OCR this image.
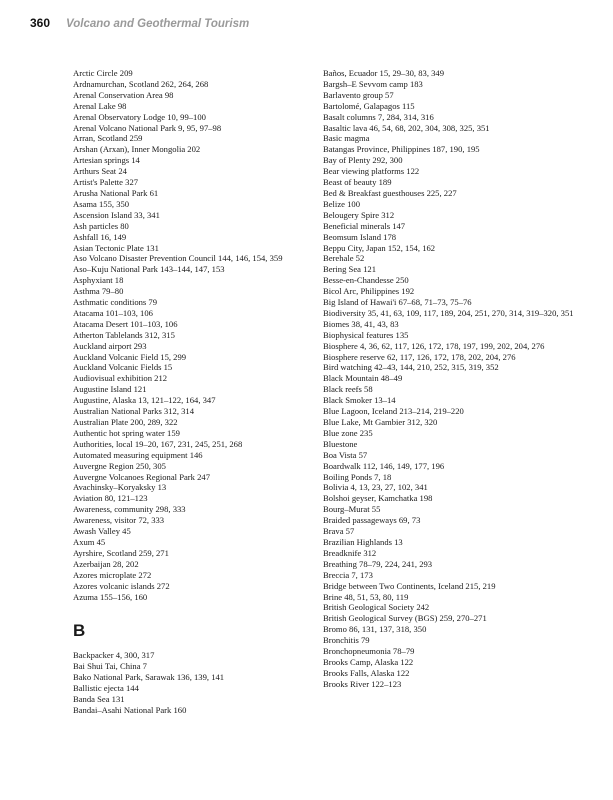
360 Volcano and Geothermal Tourism
Arctic Circle 209
Ardnamurchan, Scotland 262, 264, 268
Arenal Conservation Area 98
Arenal Lake 98
Arenal Observatory Lodge 10, 99–100
Arenal Volcano National Park 9, 95, 97–98
Arran, Scotland 259
Arshan (Arxan), Inner Mongolia 202
Artesian springs 14
Arthurs Seat 24
Artist's Palette 327
Arusha National Park 61
Asama 155, 350
Ascension Island 33, 341
Ash particles 80
Ashfall 16, 149
Asian Tectonic Plate 131
Aso Volcano Disaster Prevention Council 144, 146, 154, 359
Aso–Kuju National Park 143–144, 147, 153
Asphyxiant 18
Asthma 79–80
Asthmatic conditions 79
Atacama 101–103, 106
Atacama Desert 101–103, 106
Atherton Tablelands 312, 315
Auckland airport 293
Auckland Volcanic Field 15, 299
Auckland Volcanic Fields 15
Audiovisual exhibition 212
Augustine Island 121
Augustine, Alaska 13, 121–122, 164, 347
Australian National Parks 312, 314
Australian Plate 200, 289, 322
Authentic hot spring water 159
Authorities, local 19–20, 167, 231, 245, 251, 268
Automated measuring equipment 146
Auvergne Region 250, 305
Auvergne Volcanoes Regional Park 247
Avachinsky–Koryaksky 13
Aviation 80, 121–123
Awareness, community 298, 333
Awareness, visitor 72, 333
Awash Valley 45
Axum 45
Ayrshire, Scotland 259, 271
Azerbaijan 28, 202
Azores microplate 272
Azores volcanic islands 272
Azuma 155–156, 160
B
Backpacker 4, 300, 317
Bai Shui Tai, China 7
Bako National Park, Sarawak 136, 139, 141
Ballistic ejecta 144
Banda Sea 131
Bandai–Asahi National Park 160
Baños, Ecuador 15, 29–30, 83, 349
Bargsh–E Sevvom camp 183
Barlavento group 57
Bartolomé, Galapagos 115
Basalt columns 7, 284, 314, 316
Basaltic lava 46, 54, 68, 202, 304, 308, 325, 351
Basic magma
Batangas Province, Philippines 187, 190, 195
Bay of Plenty 292, 300
Bear viewing platforms 122
Beast of beauty 189
Bed & Breakfast guesthouses 225, 227
Belize 100
Belougery Spire 312
Beneficial minerals 147
Beomsum Island 178
Beppu City, Japan 152, 154, 162
Berehale 52
Bering Sea 121
Besse-en-Chandesse 250
Bicol Arc, Philippines 192
Big Island of Hawai'i 67–68, 71–73, 75–76
Biodiversity 35, 41, 63, 109, 117, 189, 204, 251, 270, 314, 319–320, 351
Biomes 38, 41, 43, 83
Biophysical features 135
Biosphere 4, 36, 62, 117, 126, 172, 178, 197, 199, 202, 204, 276
Biosphere reserve 62, 117, 126, 172, 178, 202, 204, 276
Bird watching 42–43, 144, 210, 252, 315, 319, 352
Black Mountain 48–49
Black reefs 58
Black Smoker 13–14
Blue Lagoon, Iceland 213–214, 219–220
Blue Lake, Mt Gambier 312, 320
Blue zone 235
Bluestone
Boa Vista 57
Boardwalk 112, 146, 149, 177, 196
Boiling Ponds 7, 18
Bolivia 4, 13, 23, 27, 102, 341
Bolshoi geyser, Kamchatka 198
Bourg–Murat 55
Braided passageways 69, 73
Brava 57
Brazilian Highlands 13
Breadknife 312
Breathing 78–79, 224, 241, 293
Breccia 7, 173
Bridge between Two Continents, Iceland 215, 219
Brine 48, 51, 53, 80, 119
British Geological Society 242
British Geological Survey (BGS) 259, 270–271
Bromo 86, 131, 137, 318, 350
Bronchitis 79
Bronchopneumonia 78–79
Brooks Camp, Alaska 122
Brooks Falls, Alaska 122
Brooks River 122–123
